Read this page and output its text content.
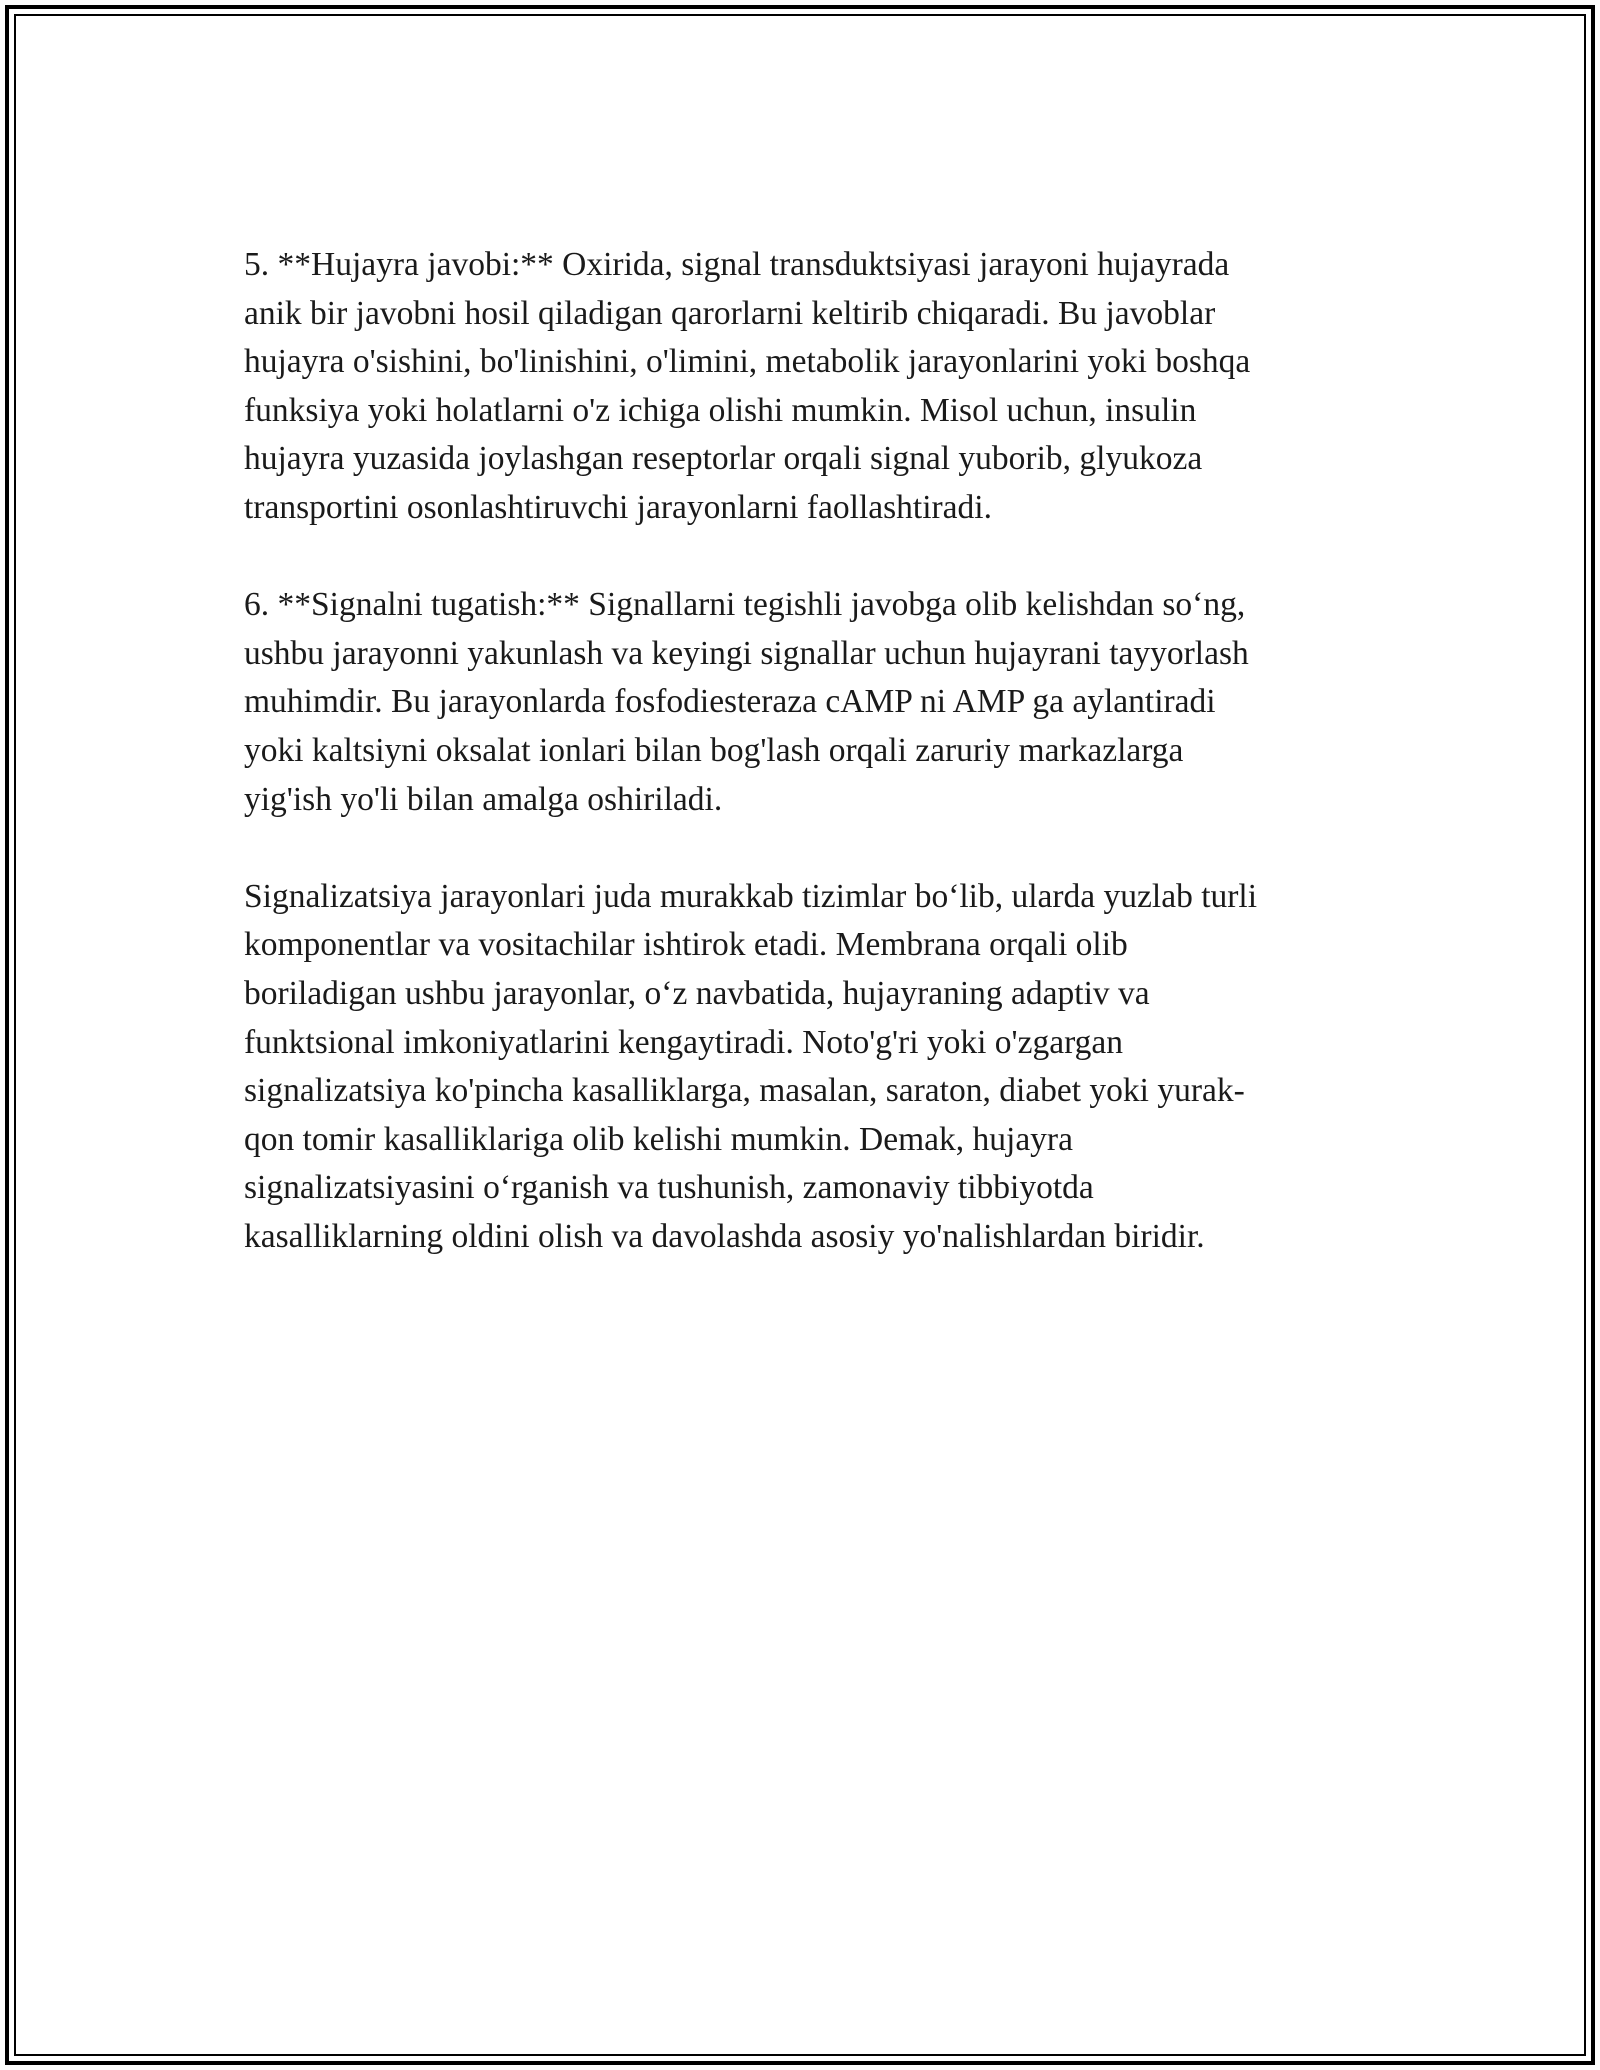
5. **Hujayra javobi:** Oxirida, signal transduktsiyasi jarayoni hujayrada
anik bir javobni hosil qiladigan qarorlarni keltirib chiqaradi. Bu javoblar
hujayra o'sishini, bo'linishini, o'limini, metabolik jarayonlarini yoki boshqa
funksiya yoki holatlarni o'z ichiga olishi mumkin. Misol uchun, insulin
hujayra yuzasida joylashgan reseptorlar orqali signal yuborib, glyukoza
transportini osonlashtiruvchi jarayonlarni faollashtiradi.

6. **Signalni tugatish:** Signallarni tegishli javobga olib kelishdan so‘ng,
ushbu jarayonni yakunlash va keyingi signallar uchun hujayrani tayyorlash
muhimdir. Bu jarayonlarda fosfodiesteraza cAMP ni AMP ga aylantiradi
yoki kaltsiyni oksalat ionlari bilan bog'lash orqali zaruriy markazlarga
yig'ish yo'li bilan amalga oshiriladi.

Signalizatsiya jarayonlari juda murakkab tizimlar bo‘lib, ularda yuzlab turli
komponentlar va vositachilar ishtirok etadi. Membrana orqali olib
boriladigan ushbu jarayonlar, o‘z navbatida, hujayraning adaptiv va
funktsional imkoniyatlarini kengaytiradi. Noto'g'ri yoki o'zgargan
signalizatsiya ko'pincha kasalliklarga, masalan, saraton, diabet yoki yurak-
qon tomir kasalliklariga olib kelishi mumkin. Demak, hujayra
signalizatsiyasini o‘rganish va tushunish, zamonaviy tibbiyotda
kasalliklarning oldini olish va davolashda asosiy yo'nalishlardan biridir.
